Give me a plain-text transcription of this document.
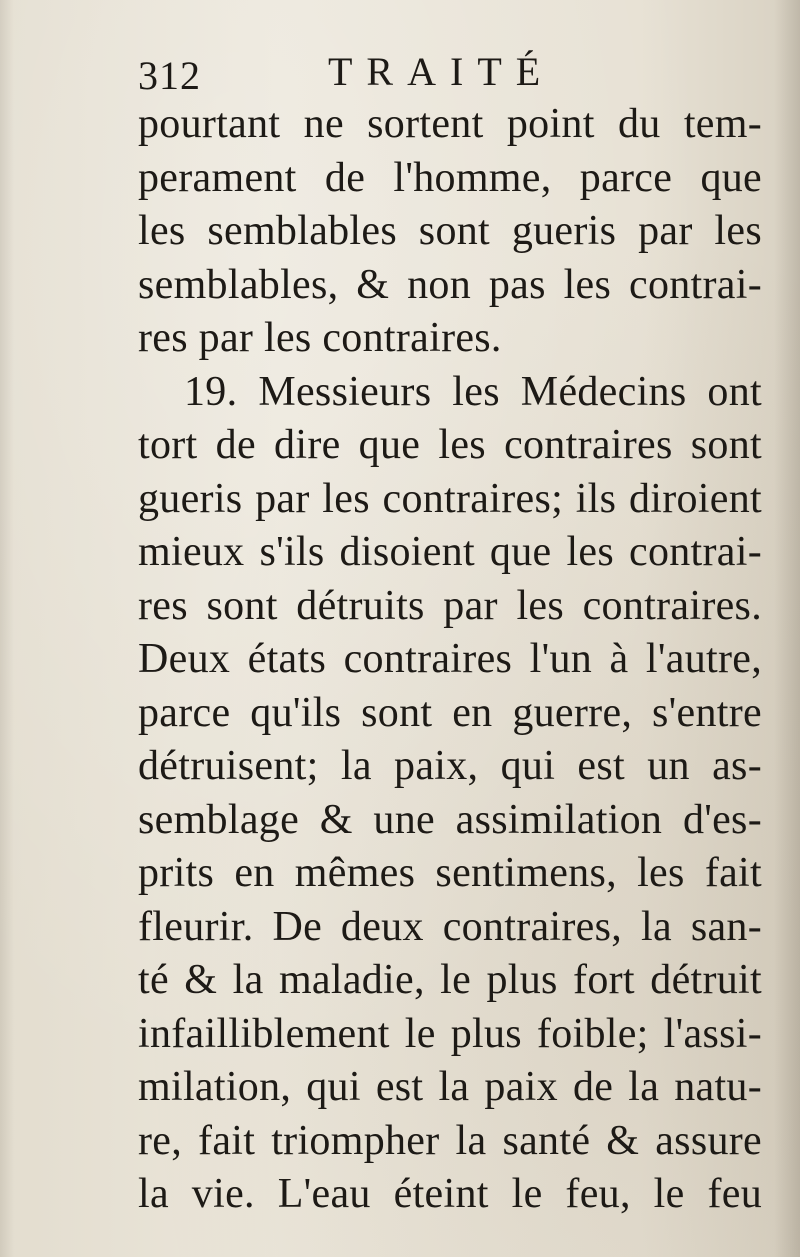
312	TRAITÉ
pourtant ne sortent point du tem-
perament de l'homme, parce que
les semblables sont gueris par les
semblables, & non pas les contrai-
res par les contraires.
19. Messieurs les Médecins ont
tort de dire que les contraires sont
gueris par les contraires; ils diroient
mieux s'ils disoient que les contrai-
res sont détruits par les contraires.
Deux états contraires l'un à l'autre,
parce qu'ils sont en guerre, s'entre
détruisent; la paix, qui est un as-
semblage & une assimilation d'es-
prits en mêmes sentimens, les fait
fleurir. De deux contraires, la san-
té & la maladie, le plus fort détruit
infailliblement le plus foible; l'assi-
milation, qui est la paix de la natu-
re, fait triompher la santé & assure
la vie. L'eau éteint le feu, le feu
